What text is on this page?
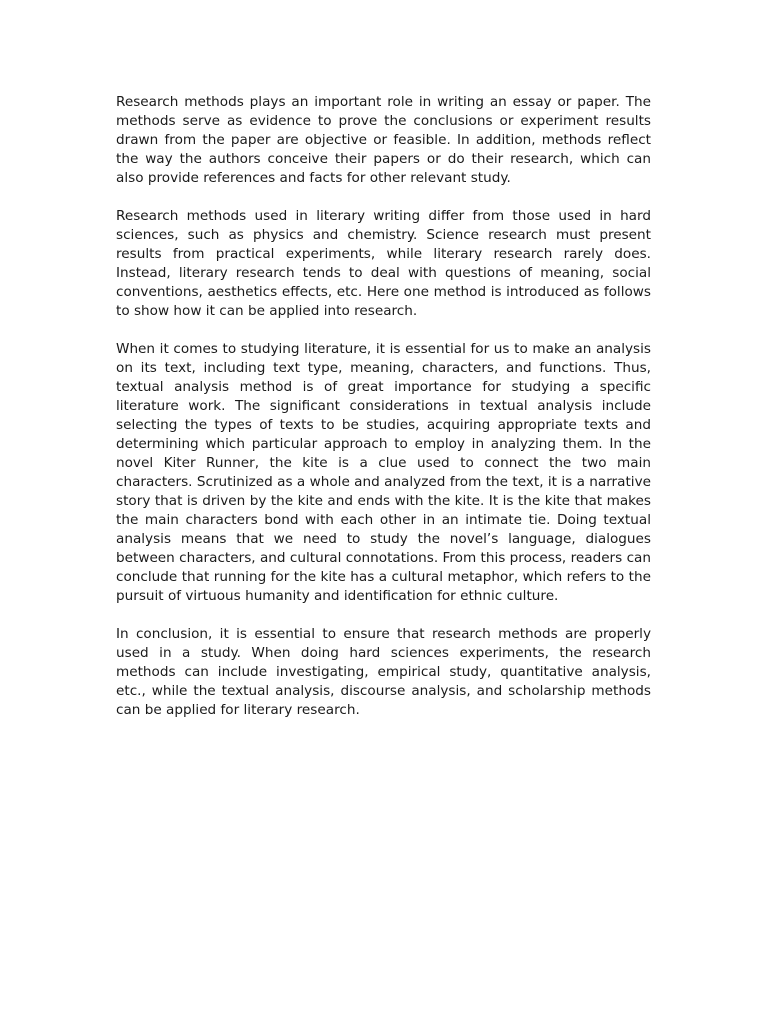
Research methods plays an important role in writing an essay or paper. The methods serve as evidence to prove the conclusions or experiment results drawn from the paper are objective or feasible. In addition, methods reflect the way the authors conceive their papers or do their research, which can also provide references and facts for other relevant study.

Research methods used in literary writing differ from those used in hard sciences, such as physics and chemistry. Science research must present results from practical experiments, while literary research rarely does. Instead, literary research tends to deal with questions of meaning, social conventions, aesthetics effects, etc. Here one method is introduced as follows to show how it can be applied into research.

When it comes to studying literature, it is essential for us to make an analysis on its text, including text type, meaning, characters, and functions. Thus, textual analysis method is of great importance for studying a specific literature work. The significant considerations in textual analysis include selecting the types of texts to be studies, acquiring appropriate texts and determining which particular approach to employ in analyzing them. In the novel Kiter Runner, the kite is a clue used to connect the two main characters. Scrutinized as a whole and analyzed from the text, it is a narrative story that is driven by the kite and ends with the kite. It is the kite that makes the main characters bond with each other in an intimate tie. Doing textual analysis means that we need to study the novel’s language, dialogues between characters, and cultural connotations. From this process, readers can conclude that running for the kite has a cultural metaphor, which refers to the pursuit of virtuous humanity and identification for ethnic culture.

In conclusion, it is essential to ensure that research methods are properly used in a study. When doing hard sciences experiments, the research methods can include investigating, empirical study, quantitative analysis, etc., while the textual analysis, discourse analysis, and scholarship methods can be applied for literary research.
